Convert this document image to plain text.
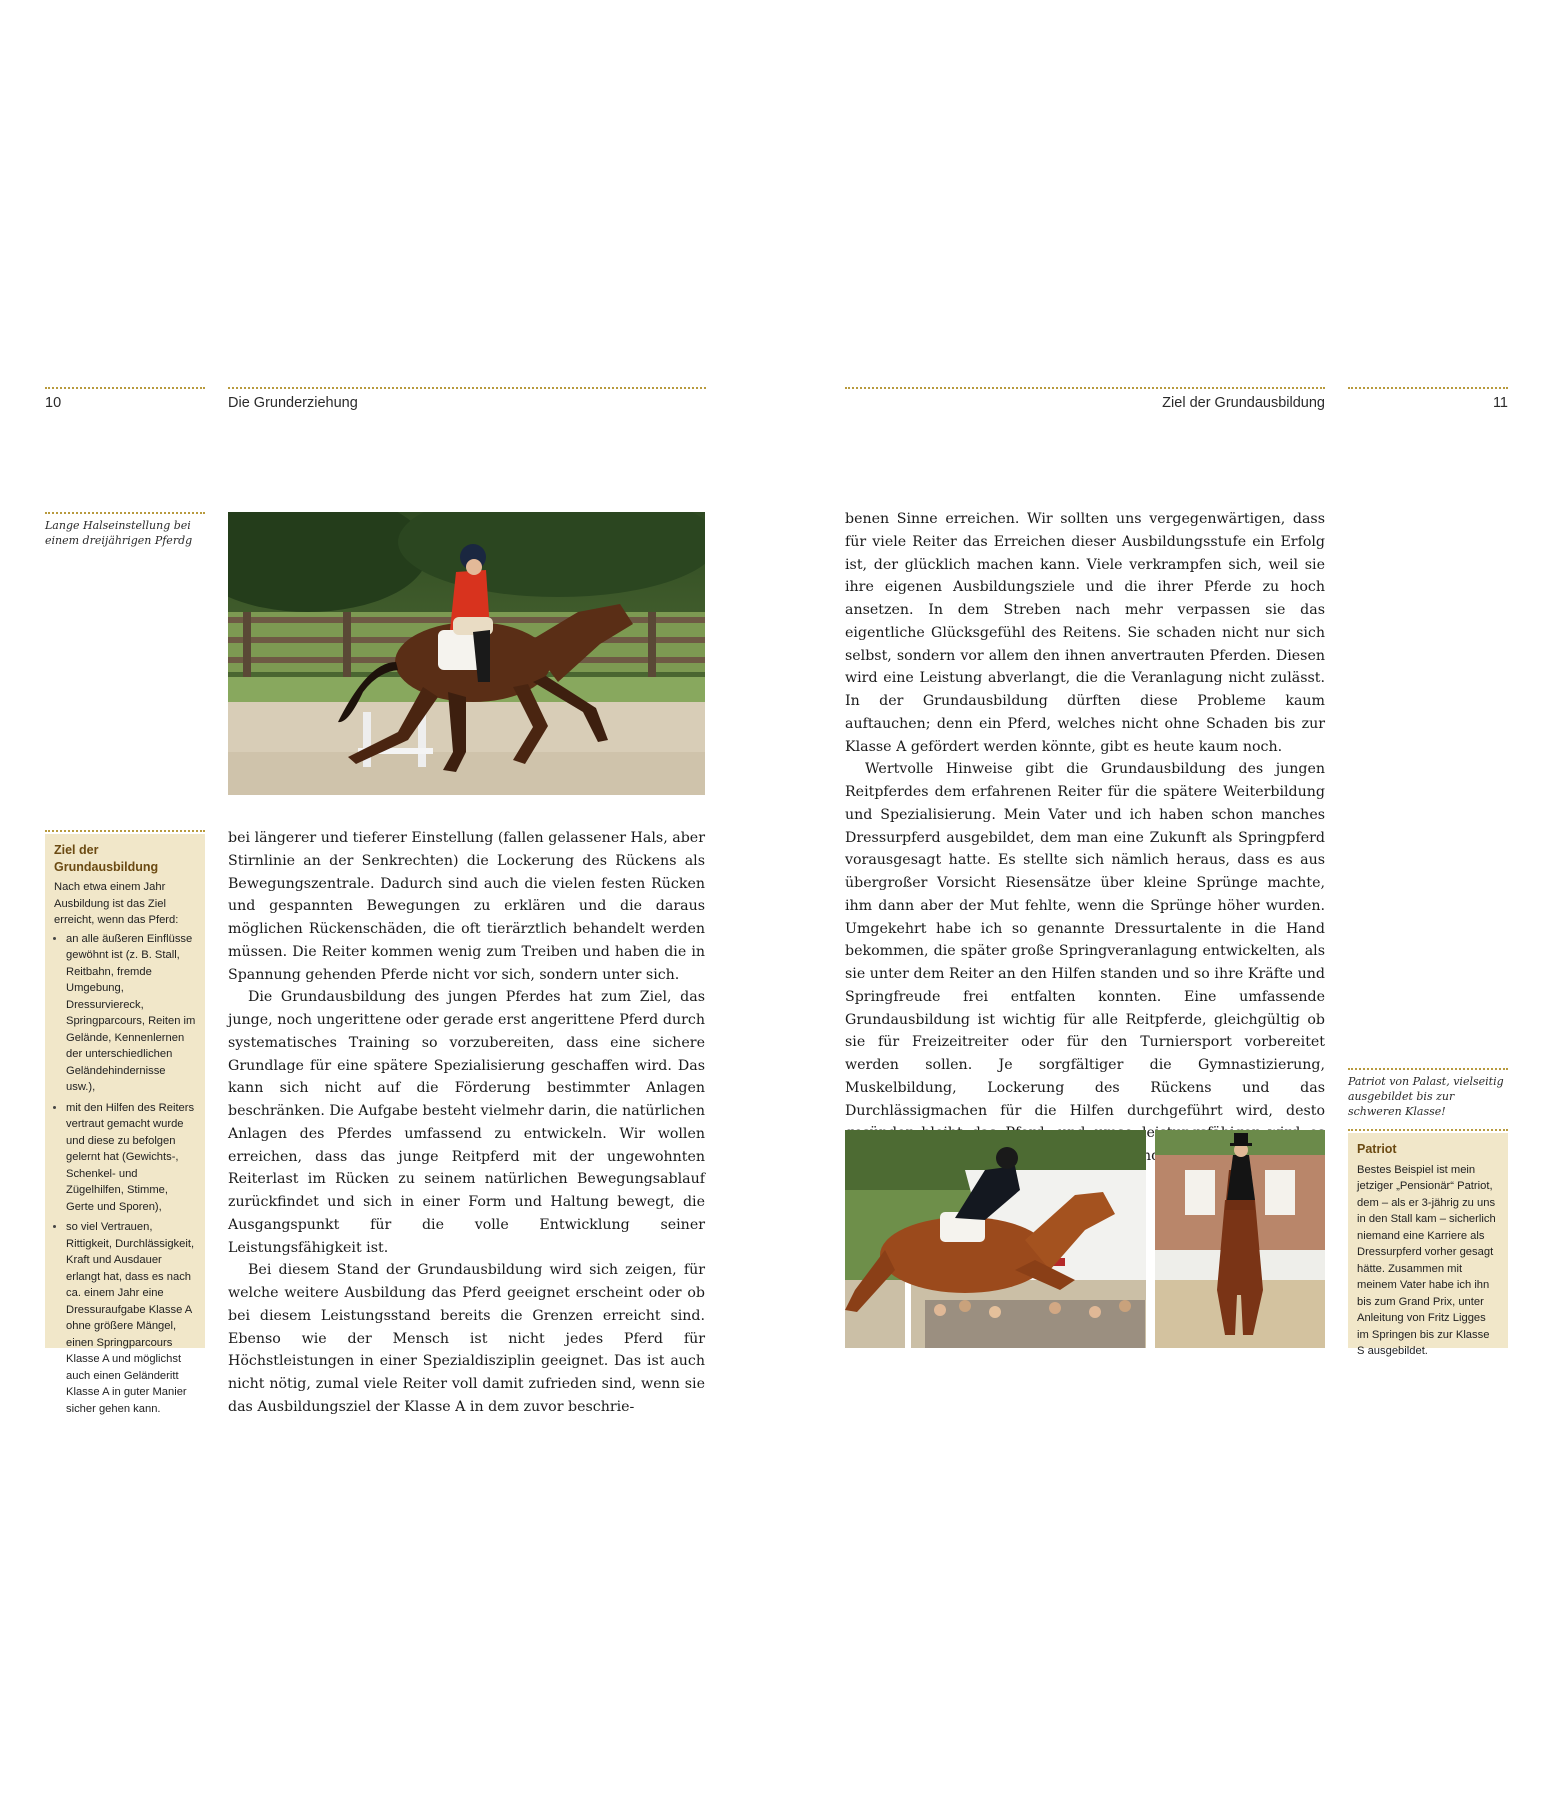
10	Die Grunderziehung
Lange Halseinstellung bei einem dreijährigen Pferdg
Ziel der Grundausbildung
Nach etwa einem Jahr Ausbildung ist das Ziel erreicht, wenn das Pferd:
• an alle äußeren Einflüsse gewöhnt ist (z. B. Stall, Reitbahn, fremde Umgebung, Dressurviereck, Springparcours, Reiten im Gelände, Kennenlernen der unterschiedlichen Geländehindernisse usw.),
• mit den Hilfen des Reiters vertraut gemacht wurde und diese zu befolgen gelernt hat (Gewichts-, Schenkel- und Zügelhilfen, Stimme, Gerte und Sporen),
• so viel Vertrauen, Rittigkeit, Durchlässigkeit, Kraft und Ausdauer erlangt hat, dass es nach ca. einem Jahr eine Dressuraufgabe Klasse A ohne größere Mängel, einen Springparcours Klasse A und möglichst auch einen Geländeritt Klasse A in guter Manier sicher gehen kann.

bei längerer und tieferer Einstellung (fallen gelassener Hals, aber Stirnlinie an der Senkrechten) die Lockerung des Rückens als Bewegungszentrale. Dadurch sind auch die vielen festen Rücken und gespannten Bewegungen zu erklären und die daraus möglichen Rückenschäden, die oft tierärztlich behandelt werden müssen. Die Reiter kommen wenig zum Treiben und haben die in Spannung gehenden Pferde nicht vor sich, sondern unter sich.

Die Grundausbildung des jungen Pferdes hat zum Ziel, das junge, noch ungerittene oder gerade erst angerittene Pferd durch systematisches Training so vorzubereiten, dass eine sichere Grundlage für eine spätere Spezialisierung geschaffen wird. Das kann sich nicht auf die Förderung bestimmter Anlagen beschränken. Die Aufgabe besteht vielmehr darin, die natürlichen Anlagen des Pferdes umfassend zu entwickeln. Wir wollen erreichen, dass das junge Reitpferd mit der ungewohnten Reiterlast im Rücken zu seinem natürlichen Bewegungsablauf zurückfindet und sich in einer Form und Haltung bewegt, die Ausgangspunkt für die volle Entwicklung seiner Leistungsfähigkeit ist.

Bei diesem Stand der Grundausbildung wird sich zeigen, für welche weitere Ausbildung das Pferd geeignet erscheint oder ob bei diesem Leistungsstand bereits die Grenzen erreicht sind. Ebenso wie der Mensch ist nicht jedes Pferd für Höchstleistungen in einer Spezialdisziplin geeignet. Das ist auch nicht nötig, zumal viele Reiter voll damit zufrieden sind, wenn sie das Ausbildungsziel der Klasse A in dem zuvor beschrie-

Ziel der Grundausbildung	11

benen Sinne erreichen. Wir sollten uns vergegenwärtigen, dass für viele Reiter das Erreichen dieser Ausbildungsstufe ein Erfolg ist, der glücklich machen kann. Viele verkrampfen sich, weil sie ihre eigenen Ausbildungsziele und die ihrer Pferde zu hoch ansetzen. In dem Streben nach mehr verpassen sie das eigentliche Glücksgefühl des Reitens. Sie schaden nicht nur sich selbst, sondern vor allem den ihnen anvertrauten Pferden. Diesen wird eine Leistung abverlangt, die die Veranlagung nicht zulässt. In der Grundausbildung dürften diese Probleme kaum auftauchen; denn ein Pferd, welches nicht ohne Schaden bis zur Klasse A gefördert werden könnte, gibt es heute kaum noch.

Wertvolle Hinweise gibt die Grundausbildung des jungen Reitpferdes dem erfahrenen Reiter für die spätere Weiterbildung und Spezialisierung. Mein Vater und ich haben schon manches Dressurpferd ausgebildet, dem man eine Zukunft als Springpferd vorausgesagt hatte. Es stellte sich nämlich heraus, dass es aus übergroßer Vorsicht Riesensätze über kleine Sprünge machte, ihm dann aber der Mut fehlte, wenn die Sprünge höher wurden. Umgekehrt habe ich so genannte Dressurtalente in die Hand bekommen, die später große Springveranlagung entwickelten, als sie unter dem Reiter an den Hilfen standen und so ihre Kräfte und Springfreude frei entfalten konnten. Eine umfassende Grundausbildung ist wichtig für alle Reitpferde, gleichgültig ob sie für Freizeitreiter oder für den Turniersport vorbereitet werden sollen. Je sorgfältiger die Gymnastizierung, Muskelbildung, Lockerung des Rückens und das Durchlässigmachen für die Hilfen durchgeführt wird, desto und

Patriot von Palast, vielseitig ausgebildet bis zur schweren Klasse!
Patriot
Bestes Beispiel ist mein jetziger „Pensionär“ Patriot, dem – als er 3-jährig zu uns in den Stall kam – sicherlich niemand eine Karriere als Dressurpferd vorher gesagt hätte. Zusammen mit meinem Vater habe ich ihn bis zum Grand Prix, unter Anleitung von Fritz Ligges im Springen bis zur Klasse S ausgebildet.
